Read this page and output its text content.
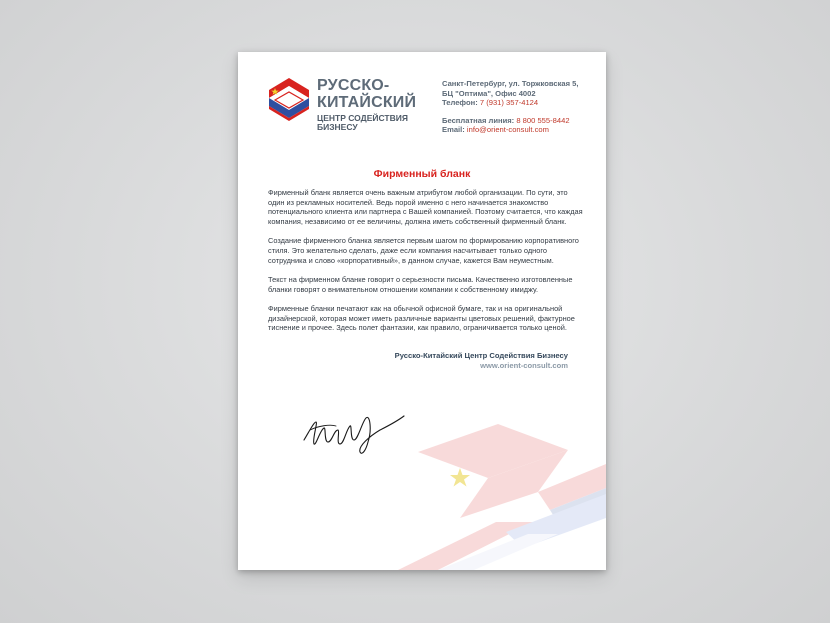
РУССКО-
КИТАЙСКИЙ
ЦЕНТР СОДЕЙСТВИЯ
БИЗНЕСУ
Санкт-Петербург, ул. Торжковская 5,
БЦ "Оптима", Офис 4002
Телефон: 7 (931) 357-4124
Бесплатная линия: 8 800 555-8442
Email: info@orient-consult.com
Фирменный бланк

Фирменный бланк является очень важным атрибутом любой организации. По сути, это один из рекламных носителей. Ведь порой именно с него начинается знакомство потенциального клиента или партнера с Вашей компанией. Поэтому считается, что каждая компания, независимо от ее величины, должна иметь собственный фирменный бланк.

Создание фирменного бланка является первым шагом по формированию корпоративного стиля. Это желательно сделать, даже если компания насчитывает только одного сотрудника и слово «корпоративный», в данном случае, кажется Вам неуместным.

Текст на фирменном бланке говорит о серьезности письма. Качественно изготовленные бланки говорят о внимательном отношении компании к собственному имиджу.

Фирменные бланки печатают как на обычной офисной бумаге, так и на оригинальной дизайнерской, которая может иметь различные варианты цветовых решений, фактурное тиснение и прочее. Здесь полет фантазии, как правило, ограничивается только ценой.

Русско-Китайский Центр Содействия Бизнесу
www.orient-consult.com
